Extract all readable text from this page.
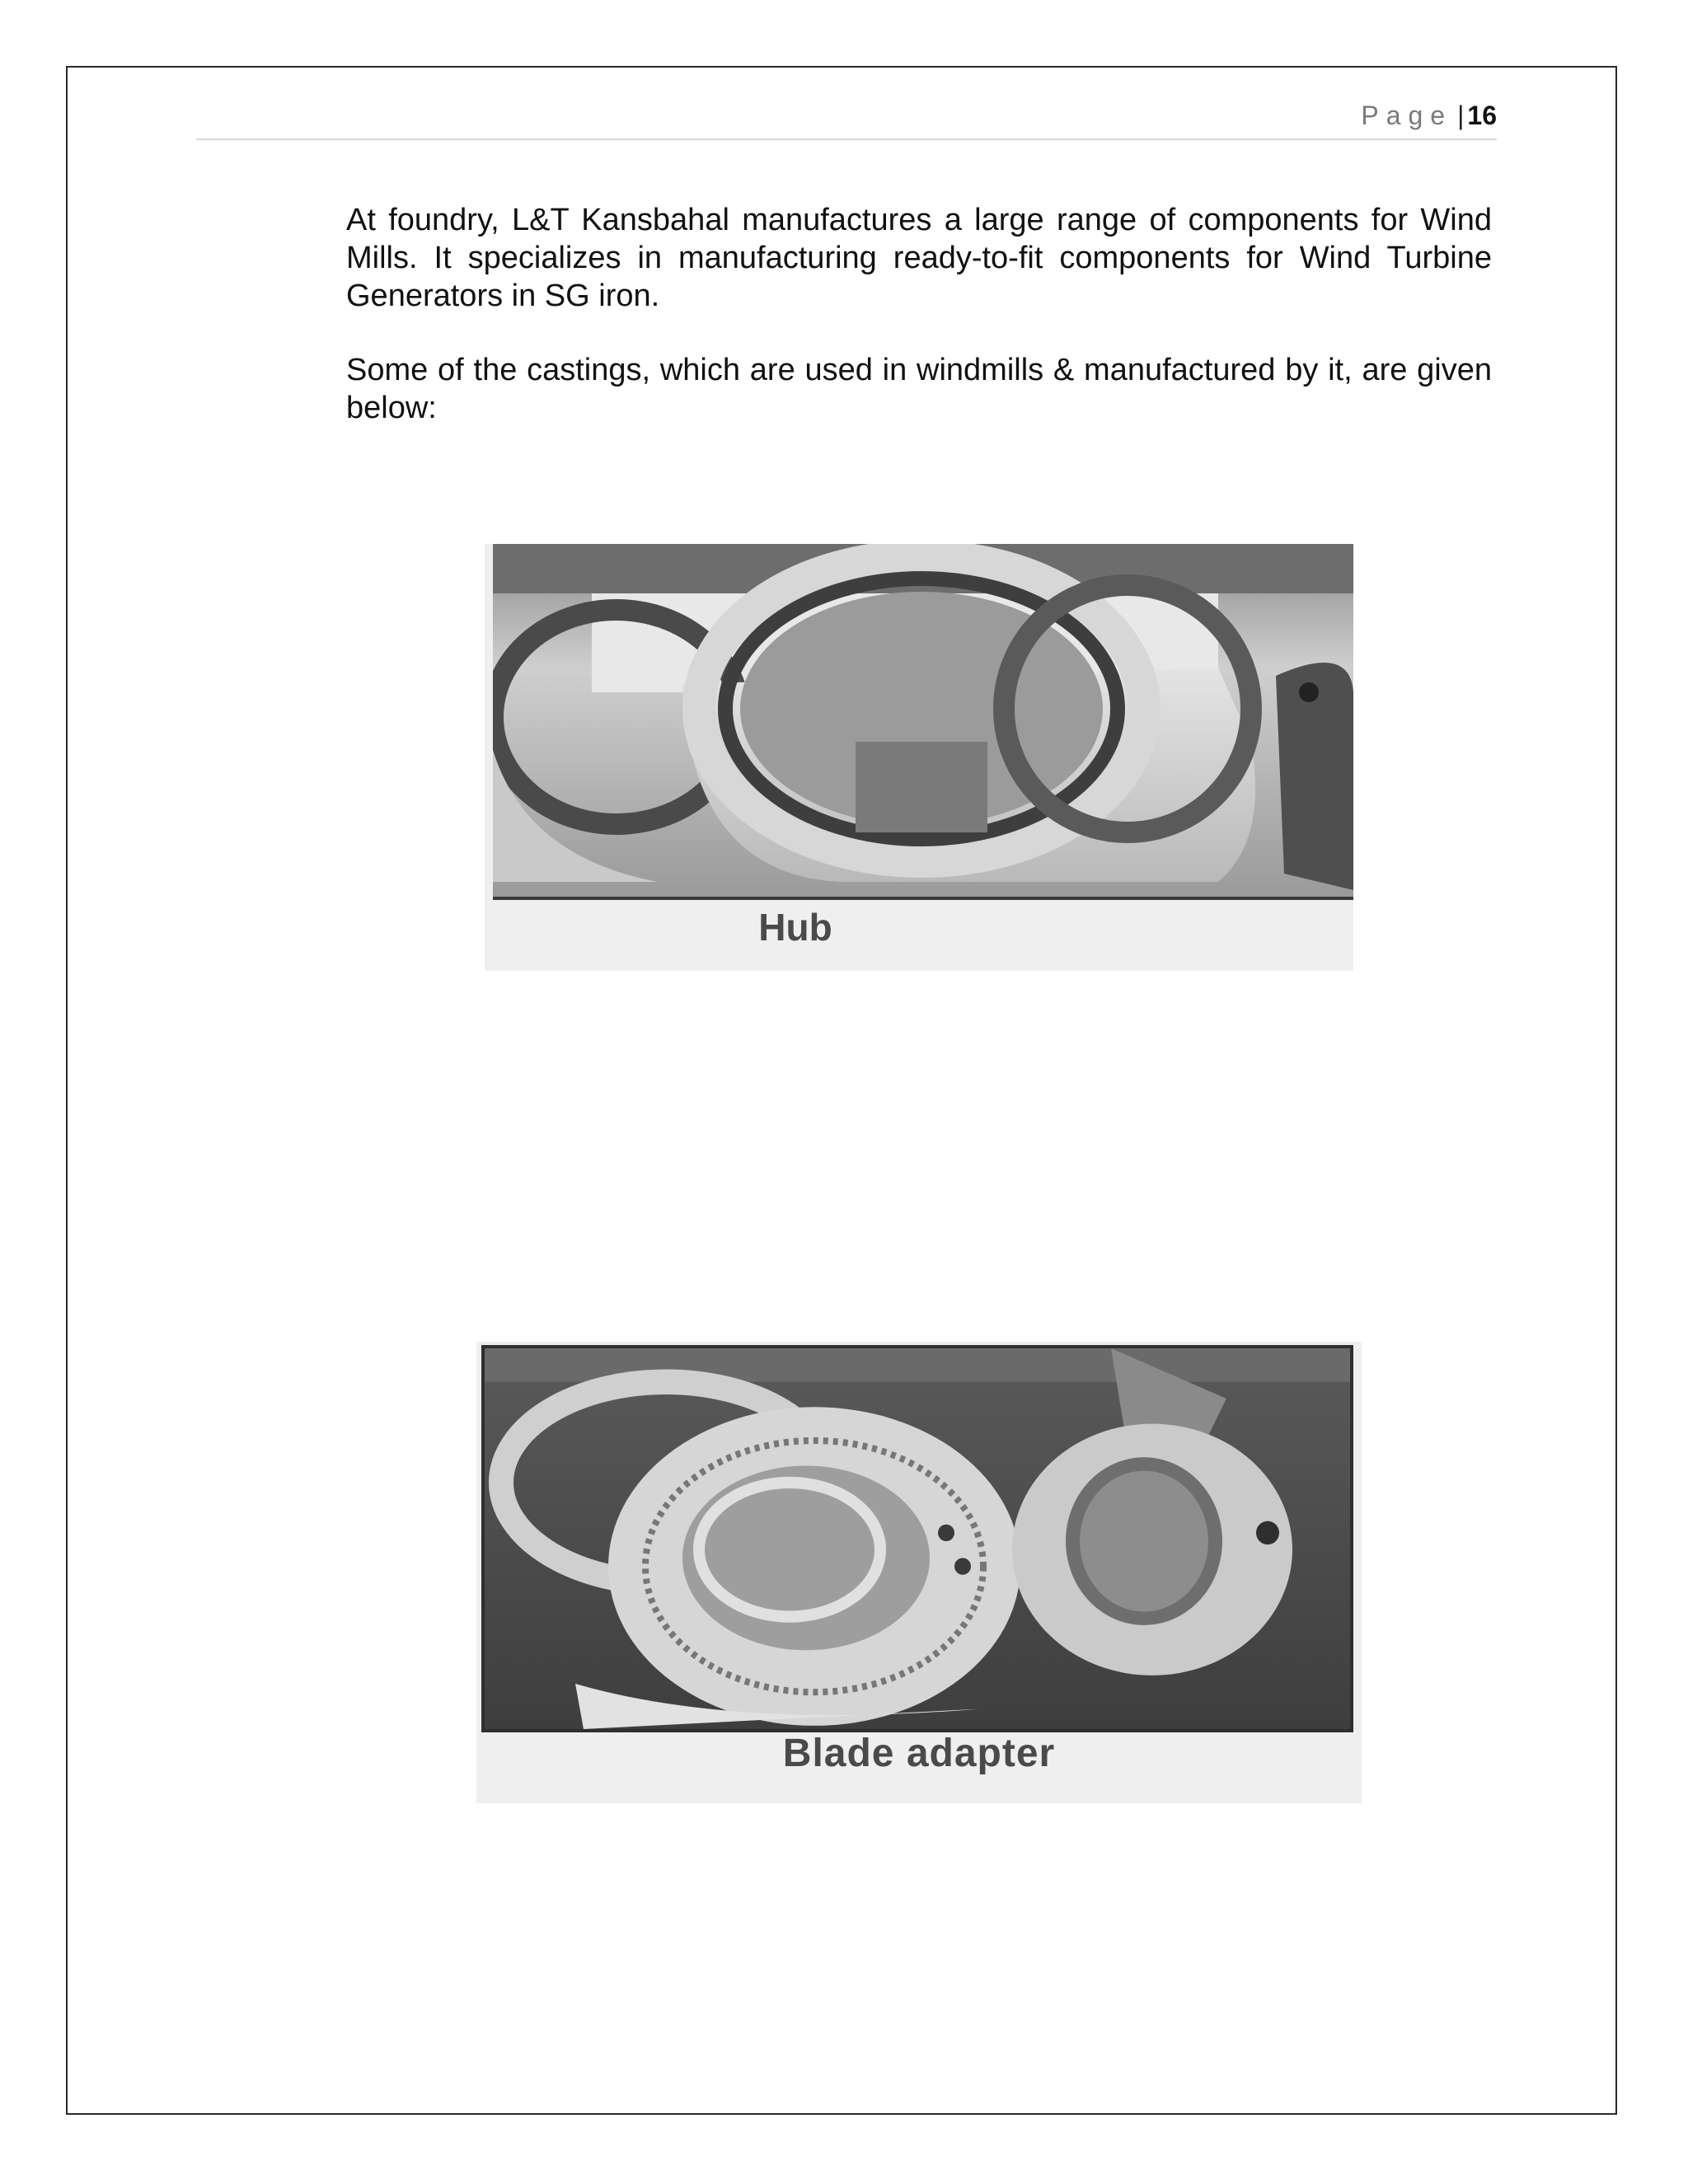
Page | 16

At foundry, L&T Kansbahal manufactures a large range of components for Wind Mills. It specializes in manufacturing ready-to-fit components for Wind Turbine Generators in SG iron.

Some of the castings, which are used in windmills & manufactured by it, are given below:

Hub
Blade adapter
